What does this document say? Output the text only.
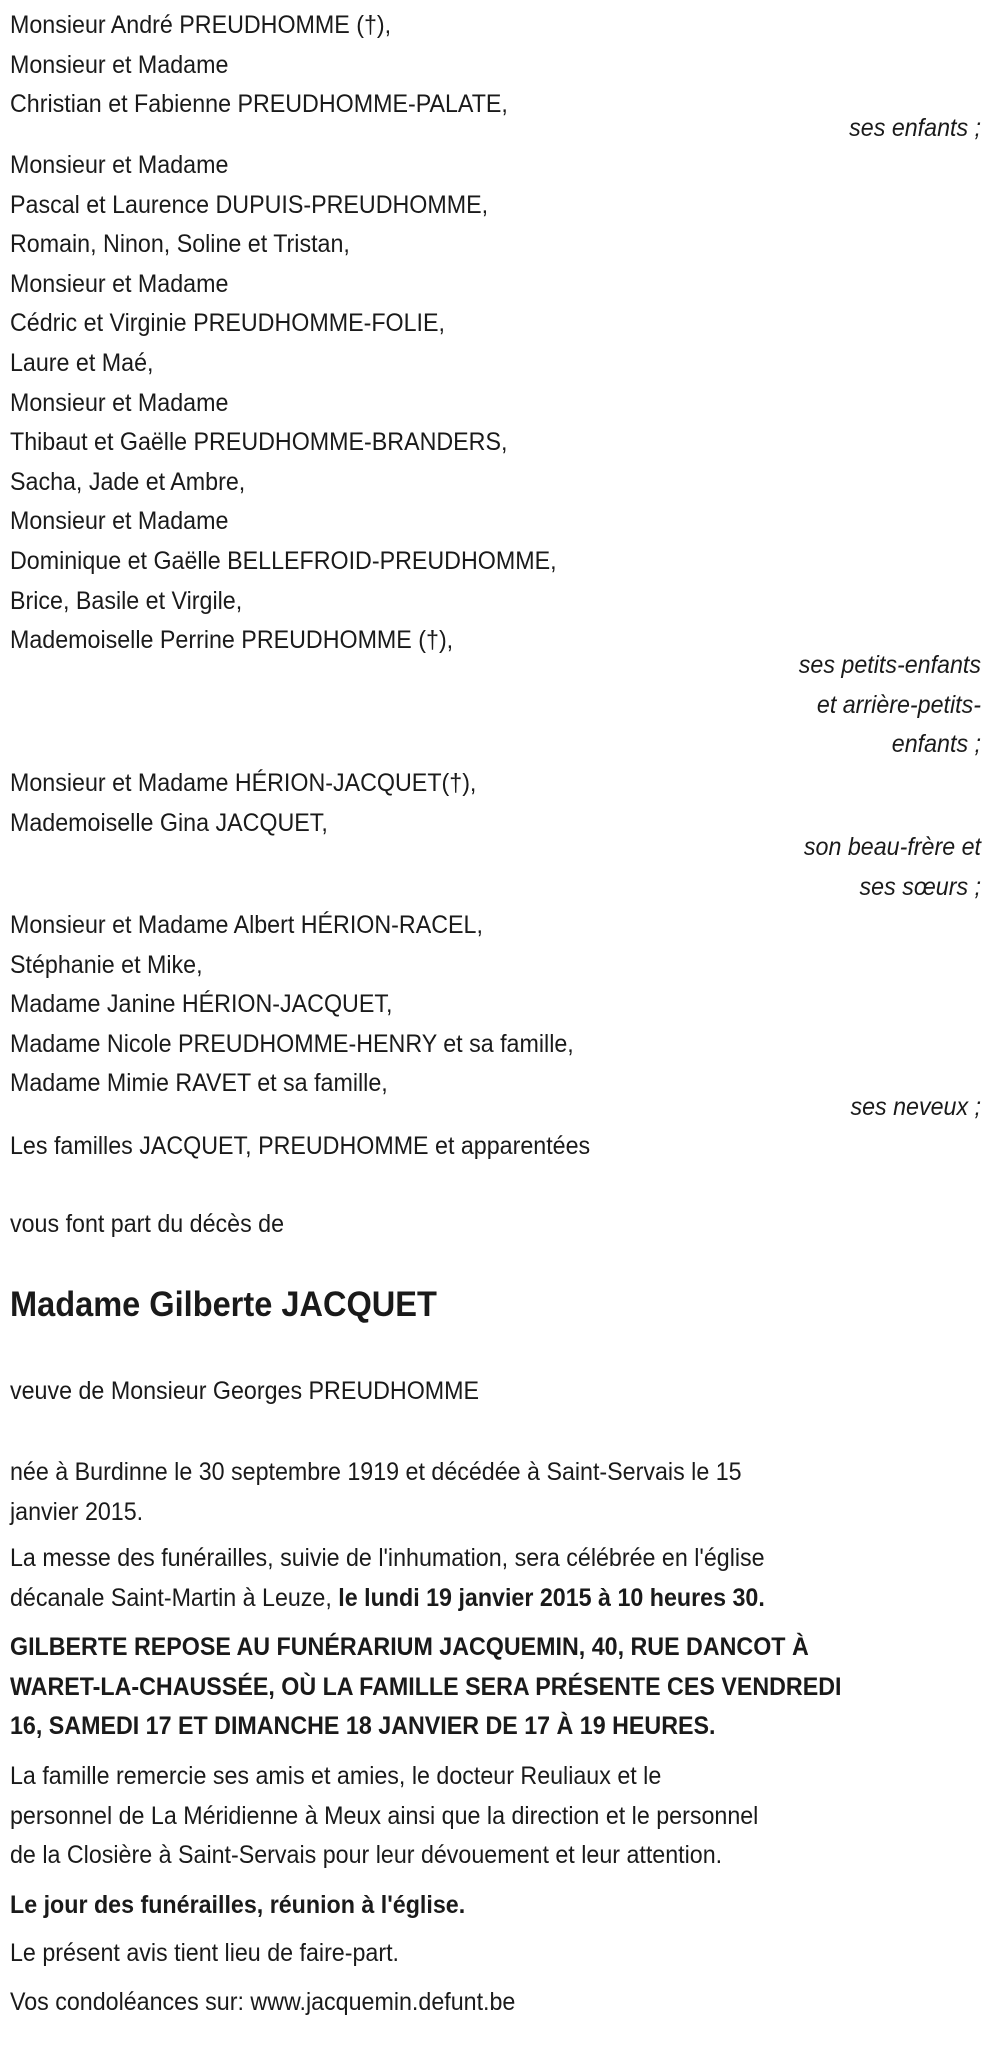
Monsieur André PREUDHOMME (†),
Monsieur et Madame
Christian et Fabienne PREUDHOMME-PALATE,
ses enfants ;
Monsieur et Madame
Pascal et Laurence DUPUIS-PREUDHOMME,
Romain, Ninon, Soline et Tristan,
Monsieur et Madame
Cédric et Virginie PREUDHOMME-FOLIE,
Laure et Maé,
Monsieur et Madame
Thibaut et Gaëlle PREUDHOMME-BRANDERS,
Sacha, Jade et Ambre,
Monsieur et Madame
Dominique et Gaëlle BELLEFROID-PREUDHOMME,
Brice, Basile et Virgile,
Mademoiselle Perrine PREUDHOMME (†),
ses petits-enfants
et arrière-petits-
enfants ;
Monsieur et Madame HÉRION-JACQUET(†),
Mademoiselle Gina JACQUET,
son beau-frère et
ses sœurs ;
Monsieur et Madame Albert HÉRION-RACEL,
Stéphanie et Mike,
Madame Janine HÉRION-JACQUET,
Madame Nicole PREUDHOMME-HENRY et sa famille,
Madame Mimie RAVET et sa famille,
ses neveux ;
Les familles JACQUET, PREUDHOMME et apparentées
vous font part du décès de
Madame Gilberte JACQUET
veuve de Monsieur Georges PREUDHOMME
née à Burdinne le 30 septembre 1919 et décédée à Saint-Servais le 15
janvier 2015.
La messe des funérailles, suivie de l'inhumation, sera célébrée en l'église
décanale Saint-Martin à Leuze, le lundi 19 janvier 2015 à 10 heures 30.
GILBERTE REPOSE AU FUNÉRARIUM JACQUEMIN, 40, RUE DANCOT À
WARET-LA-CHAUSSÉE, OÙ LA FAMILLE SERA PRÉSENTE CES VENDREDI
16, SAMEDI 17 ET DIMANCHE 18 JANVIER DE 17 À 19 HEURES.
La famille remercie ses amis et amies, le docteur Reuliaux et le
personnel de La Méridienne à Meux ainsi que la direction et le personnel
de la Closière à Saint-Servais pour leur dévouement et leur attention.
Le jour des funérailles, réunion à l'église.
Le présent avis tient lieu de faire-part.
Vos condoléances sur: www.jacquemin.defunt.be
